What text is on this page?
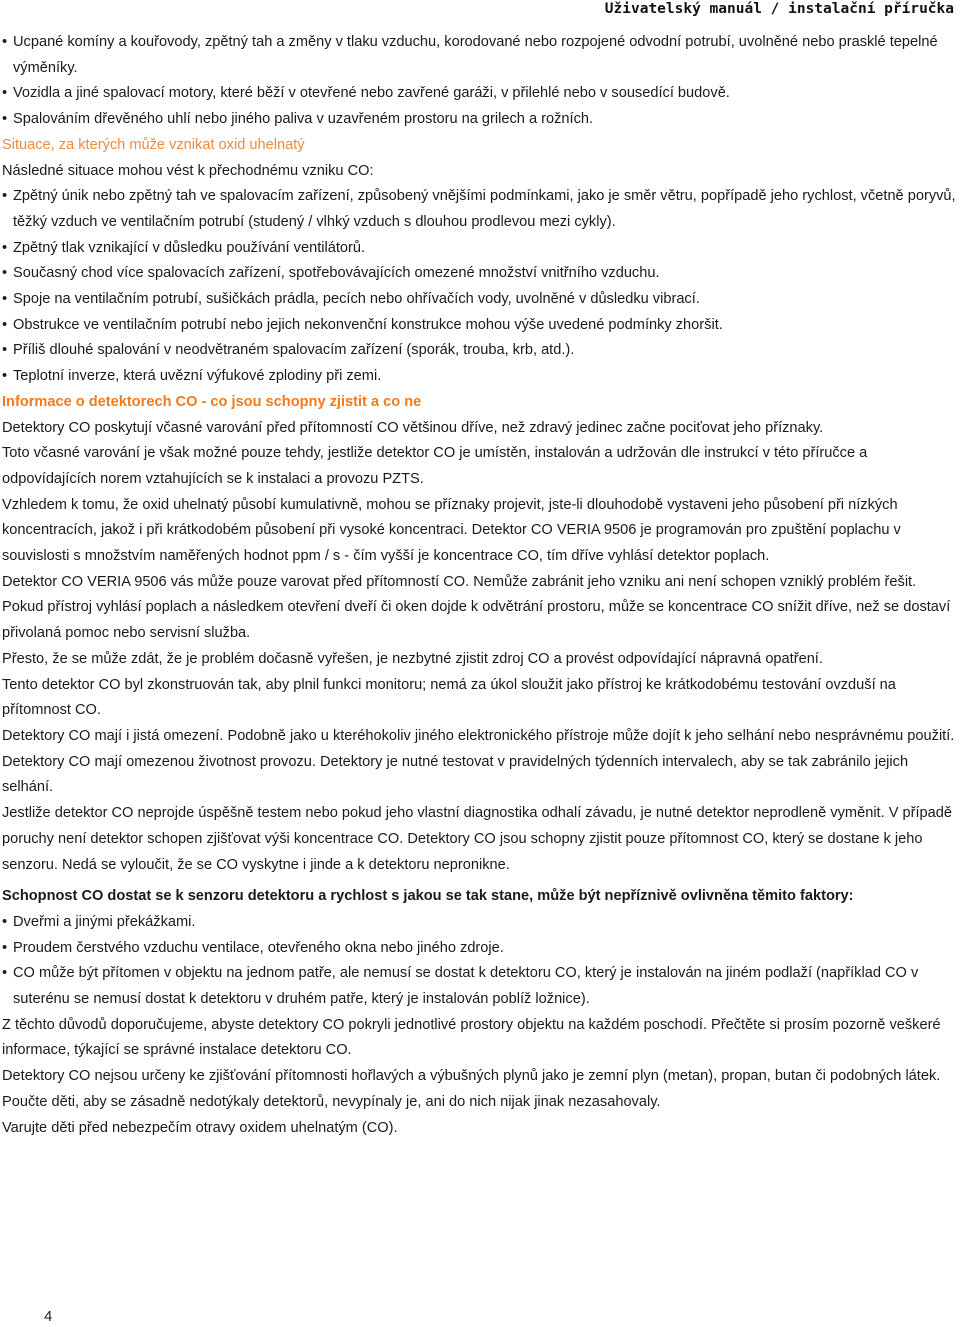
Uživatelský manuál / instalační příručka

• Ucpané komíny a kouřovody, zpětný tah a změny v tlaku vzduchu, korodované nebo rozpojené odvodní potrubí, uvolněné nebo prasklé tepelné výměníky.

• Vozidla a jiné spalovací motory, které běží v otevřené nebo zavřené garáži, v přilehlé nebo v sousedící budově.

• Spalováním dřevěného uhlí nebo jiného paliva v uzavřeném prostoru na grilech a rožních.

Situace, za kterých může vznikat oxid uhelnatý

Následné situace mohou vést k přechodnému vzniku CO:

• Zpětný únik nebo zpětný tah ve spalovacím zařízení, způsobený vnějšími podmínkami, jako je směr větru, popřípadě jeho rychlost, včetně poryvů, těžký vzduch ve ventilačním potrubí (studený / vlhký vzduch s dlouhou prodlevou mezi cykly).

• Zpětný tlak vznikající v důsledku používání ventilátorů.

• Současný chod více spalovacích zařízení, spotřebovávajících omezené množství vnitřního vzduchu.

• Spoje na ventilačním potrubí, sušičkách prádla, pecích nebo ohřívačích vody, uvolněné v důsledku vibrací.

• Obstrukce ve ventilačním potrubí nebo jejich nekonvenční konstrukce mohou výše uvedené podmínky zhoršit.

• Příliš dlouhé spalování v neodvětraném spalovacím zařízení (sporák, trouba, krb, atd.).

• Teplotní inverze, která uvězní výfukové zplodiny při zemi.

Informace o detektorech CO - co jsou schopny zjistit a co ne

Detektory CO poskytují včasné varování před přítomností CO většinou dříve, než zdravý jedinec začne pociťovat jeho příznaky.

Toto včasné varování je však možné pouze tehdy, jestliže detektor CO je umístěn, instalován a udržován dle instrukcí v této příručce a odpovídajících norem vztahujících se k instalaci a provozu PZTS.

Vzhledem k tomu, že oxid uhelnatý působí kumulativně, mohou se příznaky projevit, jste-li dlouhodobě vystaveni jeho působení při nízkých koncentracích, jakož i při krátkodobém působení při vysoké koncentraci. Detektor CO VERIA 9506 je programován pro zpuštění poplachu v souvislosti s množstvím naměřených hodnot ppm / s - čím vyšší je koncentrace CO, tím dříve vyhlásí detektor poplach.

Detektor CO VERIA 9506 vás může pouze varovat před přítomností CO. Nemůže zabránit jeho vzniku ani není schopen vzniklý problém řešit. Pokud přístroj vyhlásí poplach a následkem otevření dveří či oken dojde k odvětrání prostoru, může se koncentrace CO snížit dříve, než se dostaví přivolaná pomoc nebo servisní služba.

Přesto, že se může zdát, že je problém dočasně vyřešen, je nezbytné zjistit zdroj CO a provést odpovídající nápravná opatření.

Tento detektor CO byl zkonstruován tak, aby plnil funkci monitoru; nemá za úkol sloužit jako přístroj ke krátkodobému testování ovzduší na přítomnost CO.

Detektory CO mají i jistá omezení. Podobně jako u kteréhokoliv jiného elektronického přístroje může dojít k jeho selhání nebo nesprávnému použití. Detektory CO mají omezenou životnost provozu. Detektory je nutné testovat v pravidelných týdenních intervalech, aby se tak zabránilo jejich selhání.

Jestliže detektor CO neprojde úspěšně testem nebo pokud jeho vlastní diagnostika odhalí závadu, je nutné detektor neprodleně vyměnit. V případě poruchy není detektor schopen zjišťovat výši koncentrace CO. Detektory CO jsou schopny zjistit pouze přítomnost CO, který se dostane k jeho senzoru. Nedá se vyloučit, že se CO vyskytne i jinde a k detektoru nepronikne.

Schopnost CO dostat se k senzoru detektoru a rychlost s jakou se tak stane, může být nepříznivě ovlivněna těmito faktory:

• Dveřmi a jinými překážkami.

• Proudem čerstvého vzduchu ventilace, otevřeného okna nebo jiného zdroje.

• CO může být přítomen v objektu na jednom patře, ale nemusí se dostat k detektoru CO, který je instalován na jiném podlaží (například CO v suterénu se nemusí dostat k detektoru v druhém patře, který je instalován poblíž ložnice).

Z těchto důvodů doporučujeme, abyste detektory CO pokryli jednotlivé prostory objektu na každém poschodí. Přečtěte si prosím pozorně veškeré informace, týkající se správné instalace detektoru CO.

Detektory CO nejsou určeny ke zjišťování přítomnosti hořlavých a výbušných plynů jako je zemní plyn (metan), propan, butan či podobných látek.

Poučte děti, aby se zásadně nedotýkaly detektorů, nevypínaly je, ani do nich nijak jinak nezasahovaly.

Varujte děti před nebezpečím otravy oxidem uhelnatým (CO).

4
